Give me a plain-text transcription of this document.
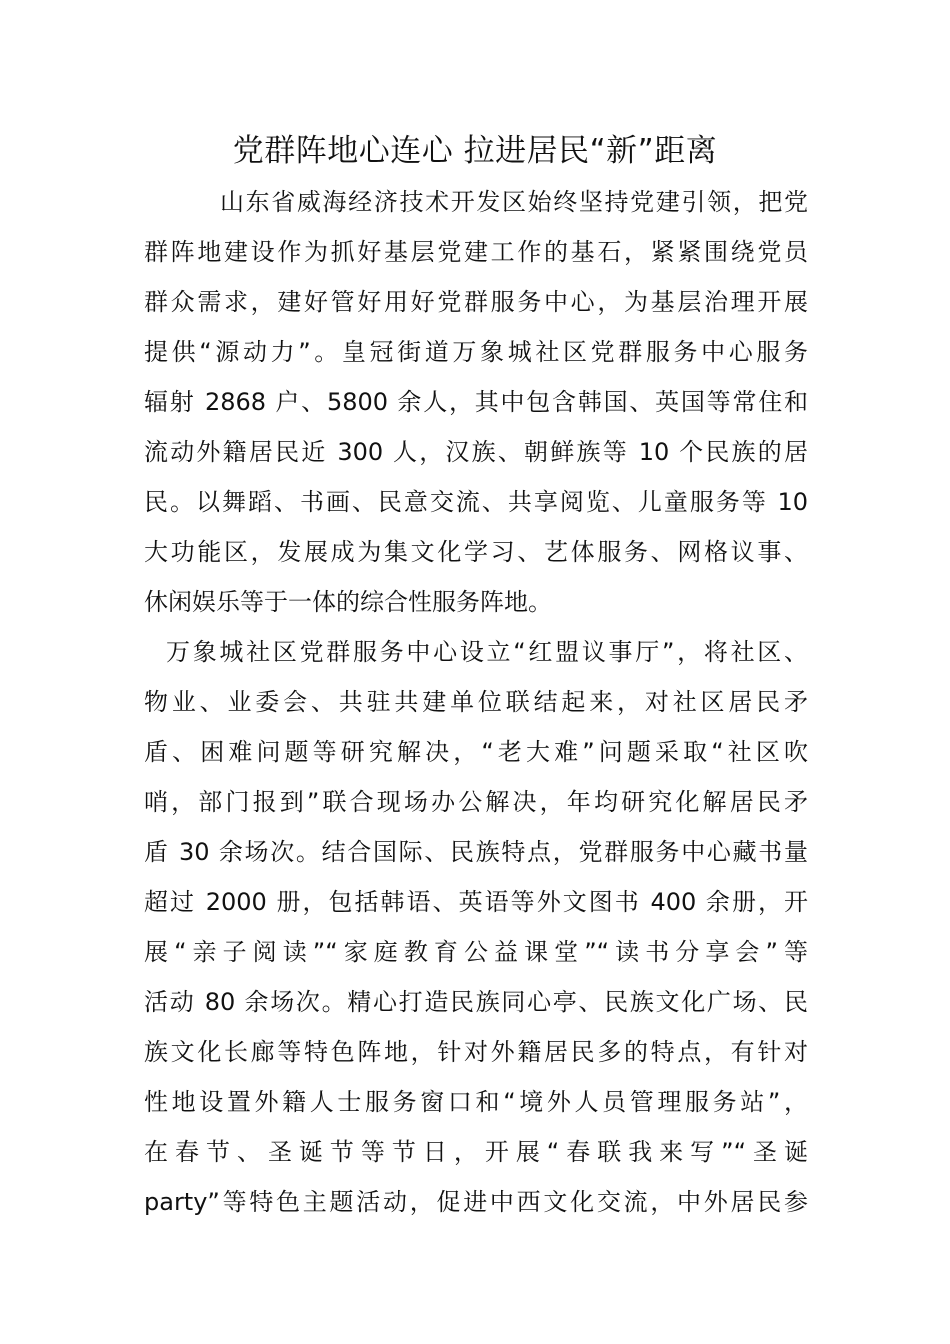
党群阵地心连心 拉进居民“新”距离
山东省威海经济技术开发区始终坚持党建引领，把党
群阵地建设作为抓好基层党建工作的基石，紧紧围绕党员
群众需求，建好管好用好党群服务中心，为基层治理开展
提供“源动力”。皇冠街道万象城社区党群服务中心服务
辐射 2868 户、5800 余人，其中包含韩国、英国等常住和
流动外籍居民近 300 人，汉族、朝鲜族等 10 个民族的居
民。以舞蹈、书画、民意交流、共享阅览、儿童服务等 10
大功能区，发展成为集文化学习、艺体服务、网格议事、
休闲娱乐等于一体的综合性服务阵地。
万象城社区党群服务中心设立“红盟议事厅”，将社区、
物业、业委会、共驻共建单位联结起来，对社区居民矛
盾、困难问题等研究解决，“老大难”问题采取“社区吹
哨，部门报到”联合现场办公解决，年均研究化解居民矛
盾 30 余场次。结合国际、民族特点，党群服务中心藏书量
超过 2000 册，包括韩语、英语等外文图书 400 余册，开
展“亲子阅读”“家庭教育公益课堂”“读书分享会”等
活动 80 余场次。精心打造民族同心亭、民族文化广场、民
族文化长廊等特色阵地，针对外籍居民多的特点，有针对
性地设置外籍人士服务窗口和“境外人员管理服务站”，
在春节、圣诞节等节日，开展“春联我来写”“圣诞
party”等特色主题活动，促进中西文化交流，中外居民参
